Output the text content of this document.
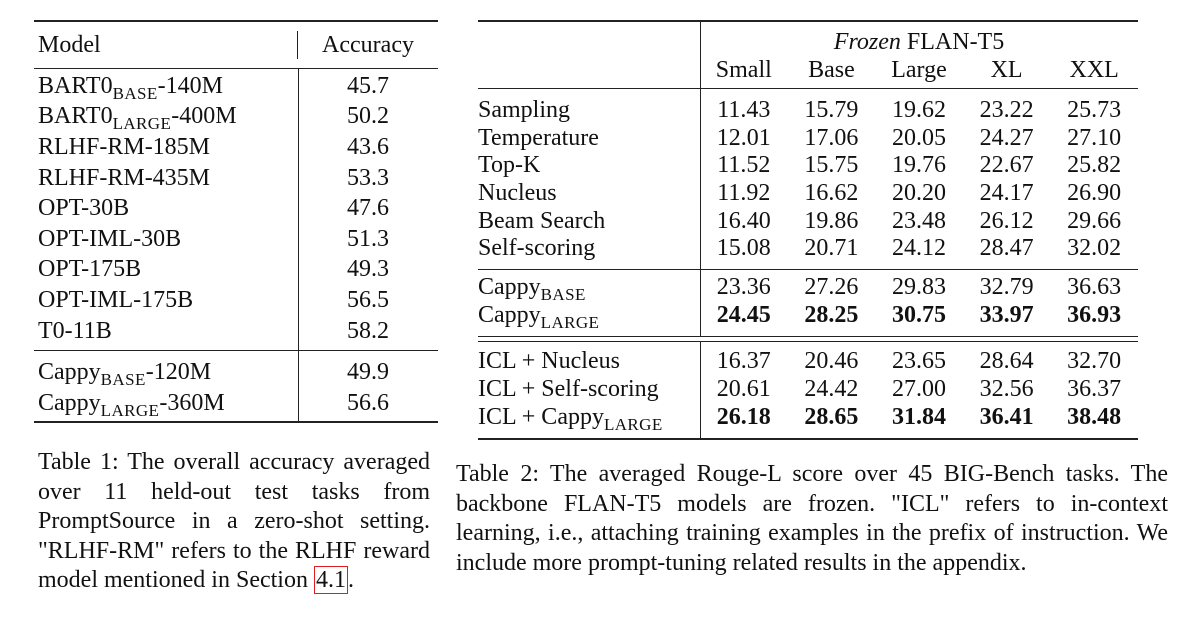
Model	Accuracy
$BART0_{BASE}-140M$	45.7
$BART0_{LARGE}-400M$	50.2
RLHF-RM-185M	43.6
RLHF-RM-435M	53.3
OPT-30B	47.6
OPT-IML-30B	51.3
OPT-175B	49.3
OPT-IML-175B	56.5
T0-11B	58.2
Cappy$_{BASE}$-120M	49.9
Cappy$_{LARGE}$-360M	56.6
Table 1: The overall accuracy averaged over 11 held-out test tasks from PromptSource in a zero-shot setting. "RLHF-RM" refers to the RLHF reward model mentioned in Section 4.1.
Frozen FLAN-T5
Small	Base	Large	XL	XXL
Sampling	11.43	15.79	19.62	23.22	25.73
Temperature	12.01	17.06	20.05	24.27	27.10
Top-K	11.52	15.75	19.76	22.67	25.82
Nucleus	11.92	16.62	20.20	24.17	26.90
Beam Search	16.40	19.86	23.48	26.12	29.66
Self-scoring	15.08	20.71	24.12	28.47	32.02
Cappy$_{BASE}$	23.36	27.26	29.83	32.79	36.63
Cappy$_{LARGE}$	24.45	28.25	30.75	33.97	36.93
ICL + Nucleus	16.37	20.46	23.65	28.64	32.70
ICL + Self-scoring	20.61	24.42	27.00	32.56	36.37
ICL + Cappy$_{LARGE}$	26.18	28.65	31.84	36.41	38.48
Table 2: The averaged Rouge-L score over 45 BIG-Bench tasks. The backbone FLAN-T5 models are frozen. "ICL" refers to in-context learning, i.e., attaching training examples in the prefix of instruction. We include more prompt-tuning related results in the appendix.
